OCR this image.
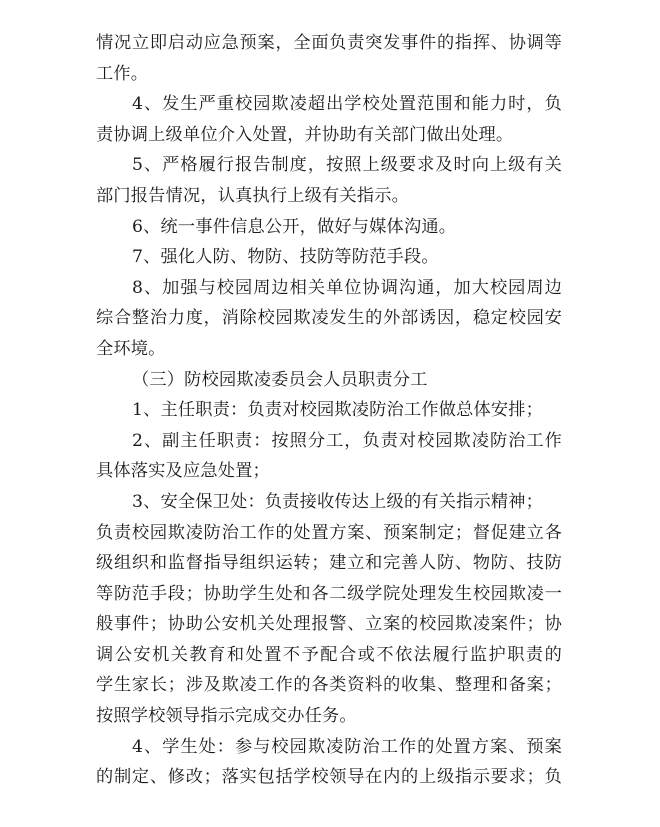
情况立即启动应急预案，全面负责突发事件的指挥、协调等
工作。
4、发生严重校园欺凌超出学校处置范围和能力时，负
责协调上级单位介入处置，并协助有关部门做出处理。
5、严格履行报告制度，按照上级要求及时向上级有关
部门报告情况，认真执行上级有关指示。
6、统一事件信息公开，做好与媒体沟通。
7、强化人防、物防、技防等防范手段。
8、加强与校园周边相关单位协调沟通，加大校园周边
综合整治力度，消除校园欺凌发生的外部诱因，稳定校园安
全环境。
（三）防校园欺凌委员会人员职责分工
1、主任职责：负责对校园欺凌防治工作做总体安排；
2、副主任职责：按照分工，负责对校园欺凌防治工作
具体落实及应急处置；
3、安全保卫处：负责接收传达上级的有关指示精神；
负责校园欺凌防治工作的处置方案、预案制定；督促建立各
级组织和监督指导组织运转；建立和完善人防、物防、技防
等防范手段；协助学生处和各二级学院处理发生校园欺凌一
般事件；协助公安机关处理报警、立案的校园欺凌案件；协
调公安机关教育和处置不予配合或不依法履行监护职责的
学生家长；涉及欺凌工作的各类资料的收集、整理和备案；
按照学校领导指示完成交办任务。
4、学生处：参与校园欺凌防治工作的处置方案、预案
的制定、修改；落实包括学校领导在内的上级指示要求；负
